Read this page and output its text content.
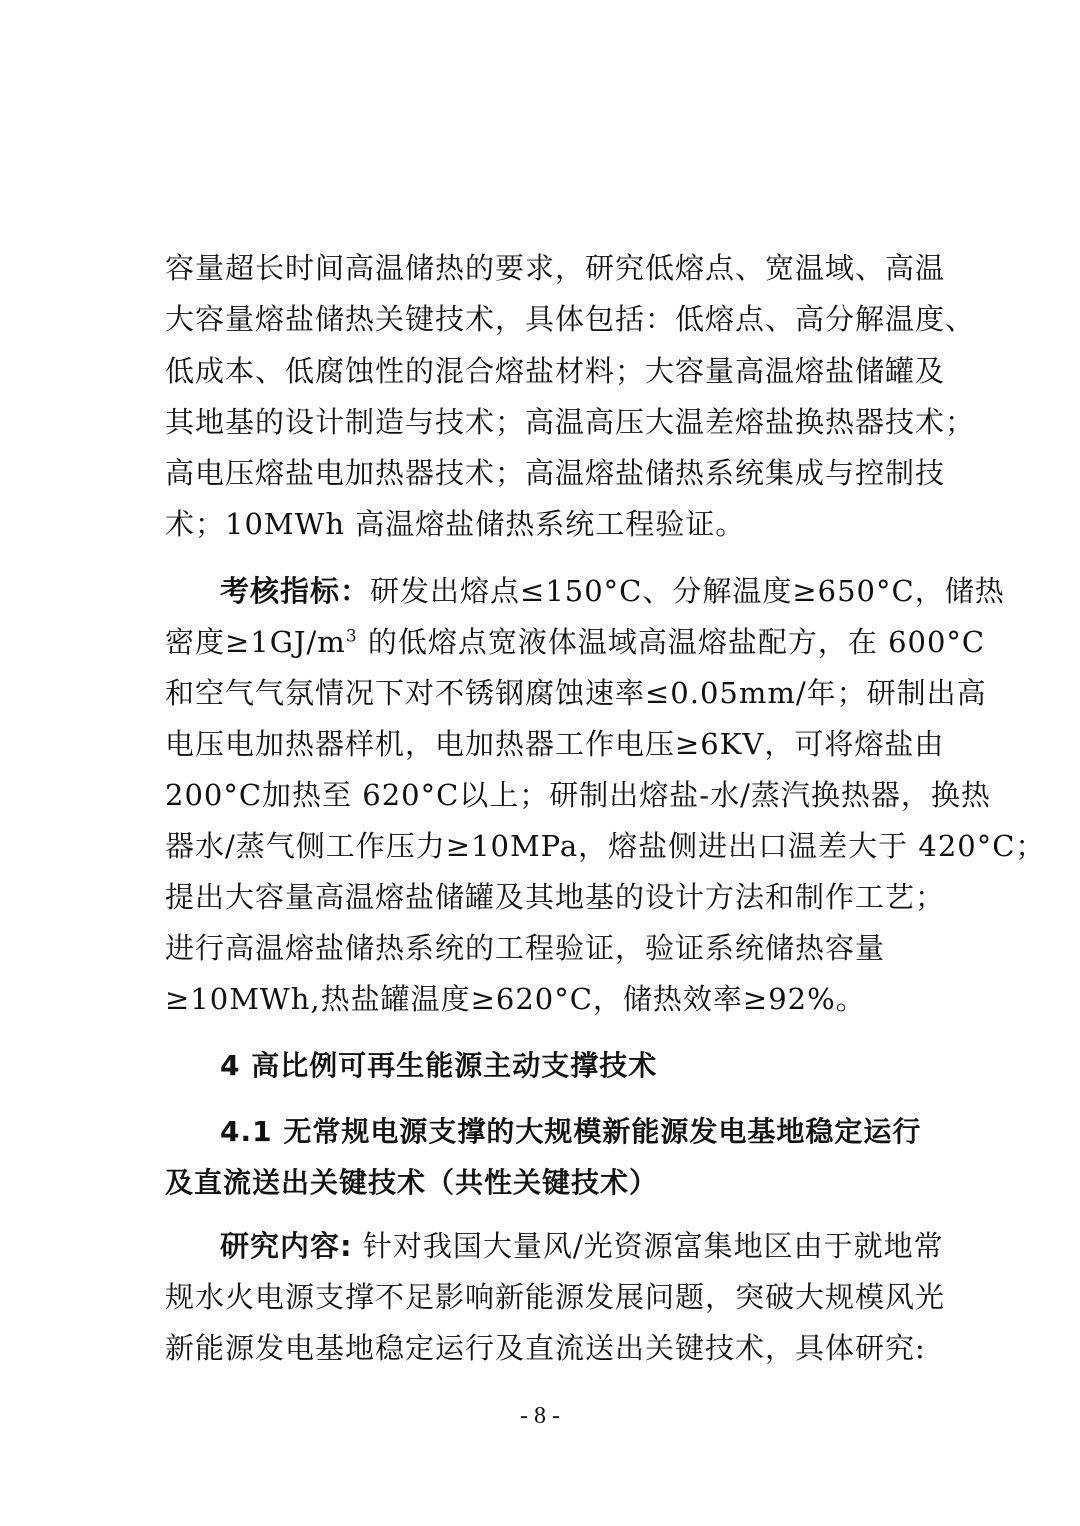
容量超长时间高温储热的要求，研究低熔点、宽温域、高温
大容量熔盐储热关键技术，具体包括：低熔点、高分解温度、
低成本、低腐蚀性的混合熔盐材料；大容量高温熔盐储罐及
其地基的设计制造与技术；高温高压大温差熔盐换热器技术；
高电压熔盐电加热器技术；高温熔盐储热系统集成与控制技
术；10MWh 高温熔盐储热系统工程验证。
考核指标：研发出熔点≤150°C、分解温度≥650°C，储热
密度$\ge 1GJ/m^3$ 的低熔点宽液体温域高温熔盐配方，在 600°C
和空气气氛情况下对不锈钢腐蚀速率≤0.05mm/年；研制出高
电压电加热器样机，电加热器工作电压≥6KV，可将熔盐由
200°C加热至 620°C以上；研制出熔盐-水/蒸汽换热器，换热
器水/蒸气侧工作压力≥10MPa，熔盐侧进出口温差大于 420°C；
提出大容量高温熔盐储罐及其地基的设计方法和制作工艺；
进行高温熔盐储热系统的工程验证，验证系统储热容量
≥10MWh,热盐罐温度≥620°C，储热效率≥92%。
4 高比例可再生能源主动支撑技术
4.1 无常规电源支撑的大规模新能源发电基地稳定运行
及直流送出关键技术（共性关键技术）
研究内容: 针对我国大量风/光资源富集地区由于就地常
规水火电源支撑不足影响新能源发展问题，突破大规模风光
新能源发电基地稳定运行及直流送出关键技术，具体研究:
- 8 -
